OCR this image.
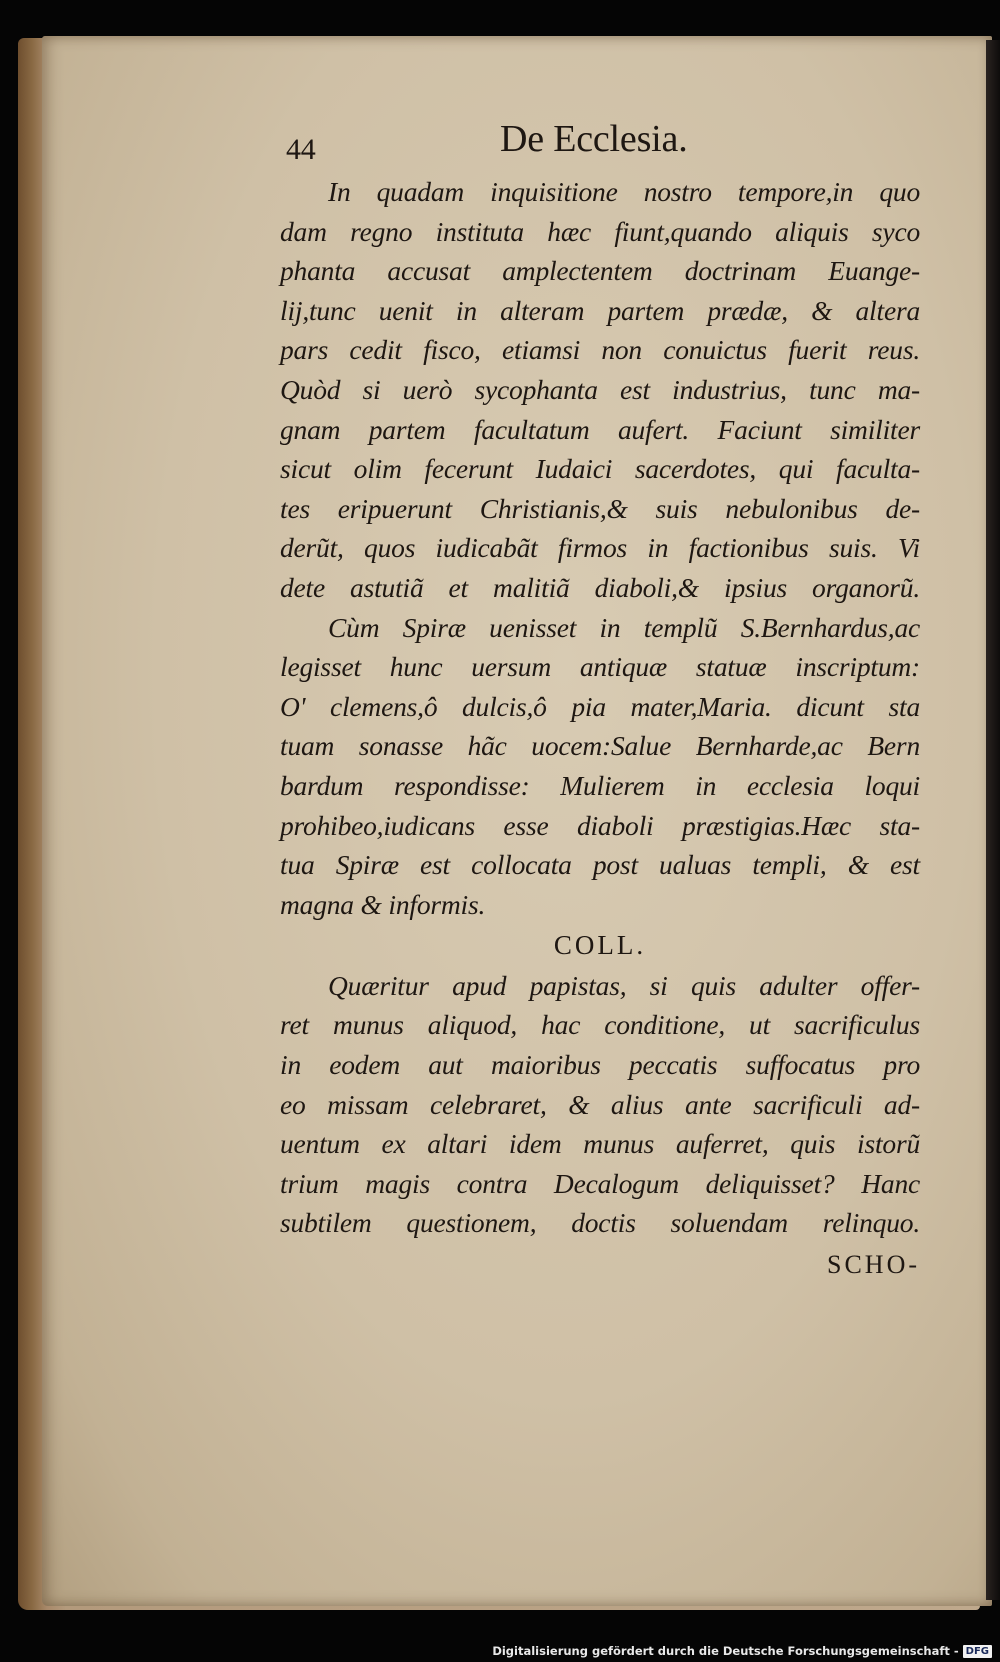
44	De Ecclesia.
In quadam inquisitione nostro tempore,in quo
dam regno instituta hæc fiunt,quando aliquis syco
phanta accusat amplectentem doctrinam Euange-
lij,tunc uenit in alteram partem prædæ, & altera
pars cedit fisco, etiamsi non conuictus fuerit reus.
Quòd si uerò sycophanta est industrius, tunc ma-
gnam partem facultatum aufert. Faciunt similiter
sicut olim fecerunt Iudaici sacerdotes, qui faculta-
tes eripuerunt Christianis,& suis nebulonibus de-
derũt, quos iudicabãt firmos in factionibus suis. Vi
dete astutiã et malitiã diaboli,& ipsius organorũ.
Cùm Spiræ uenisset in templũ S.Bernhardus,ac
legisset hunc uersum antiquæ statuæ inscriptum:
O' clemens,ô dulcis,ô pia mater,Maria. dicunt sta
tuam sonasse hãc uocem:Salue Bernharde,ac Bern
bardum respondisse: Mulierem in ecclesia loqui
prohibeo,iudicans esse diaboli præstigias.Hæc sta-
tua Spiræ est collocata post ualuas templi, & est
magna & informis.
COLL.
Quæritur apud papistas, si quis adulter offer-
ret munus aliquod, hac conditione, ut sacrificulus
in eodem aut maioribus peccatis suffocatus pro
eo missam celebraret, & alius ante sacrificuli ad-
uentum ex altari idem munus auferret, quis istorũ
trium magis contra Decalogum deliquisset? Hanc
subtilem questionem, doctis soluendam relinquo.
SCHO-
Digitalisierung gefördert durch die Deutsche Forschungsgemeinschaft - DFG
